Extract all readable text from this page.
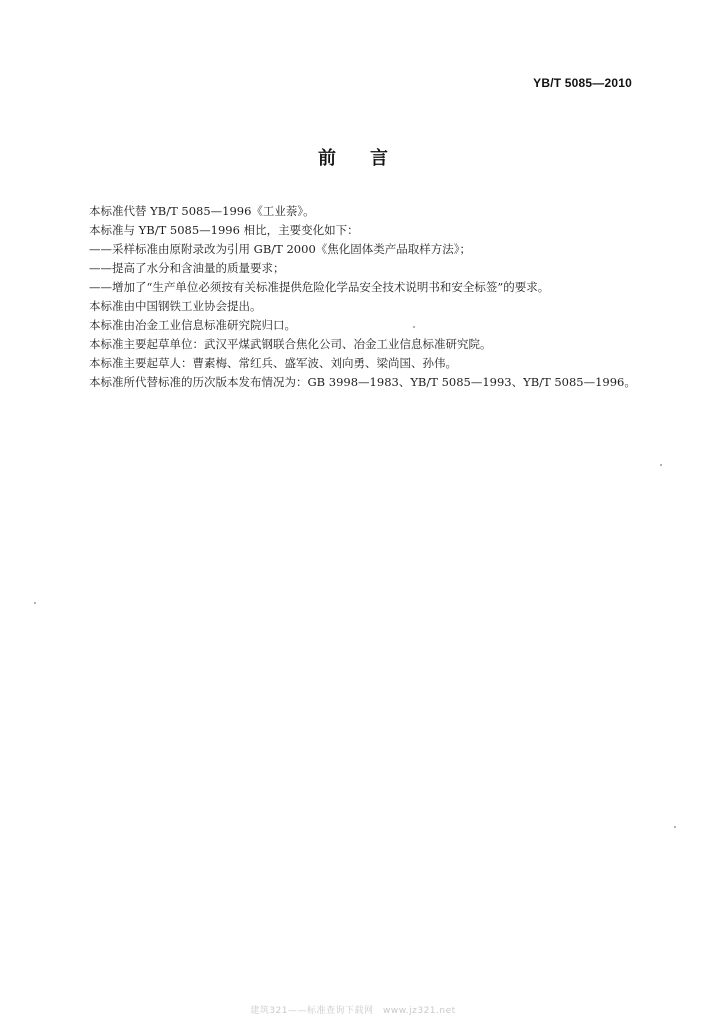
YB/T 5085—2010
前言
本标准代替 YB/T 5085—1996《工业萘》。
本标准与 YB/T 5085—1996 相比，主要变化如下：
——采样标准由原附录改为引用 GB/T 2000《焦化固体类产品取样方法》；
——提高了水分和含油量的质量要求；
——增加了“生产单位必须按有关标准提供危险化学品安全技术说明书和安全标签”的要求。
本标准由中国钢铁工业协会提出。
本标准由冶金工业信息标准研究院归口。
本标准主要起草单位：武汉平煤武钢联合焦化公司、冶金工业信息标准研究院。
本标准主要起草人：曹素梅、常红兵、盛军波、刘向勇、梁尚国、孙伟。
本标准所代替标准的历次版本发布情况为：GB 3998—1983、YB/T 5085—1993、YB/T 5085—1996。
建筑321——标准查询下载网　www.jz321.net
